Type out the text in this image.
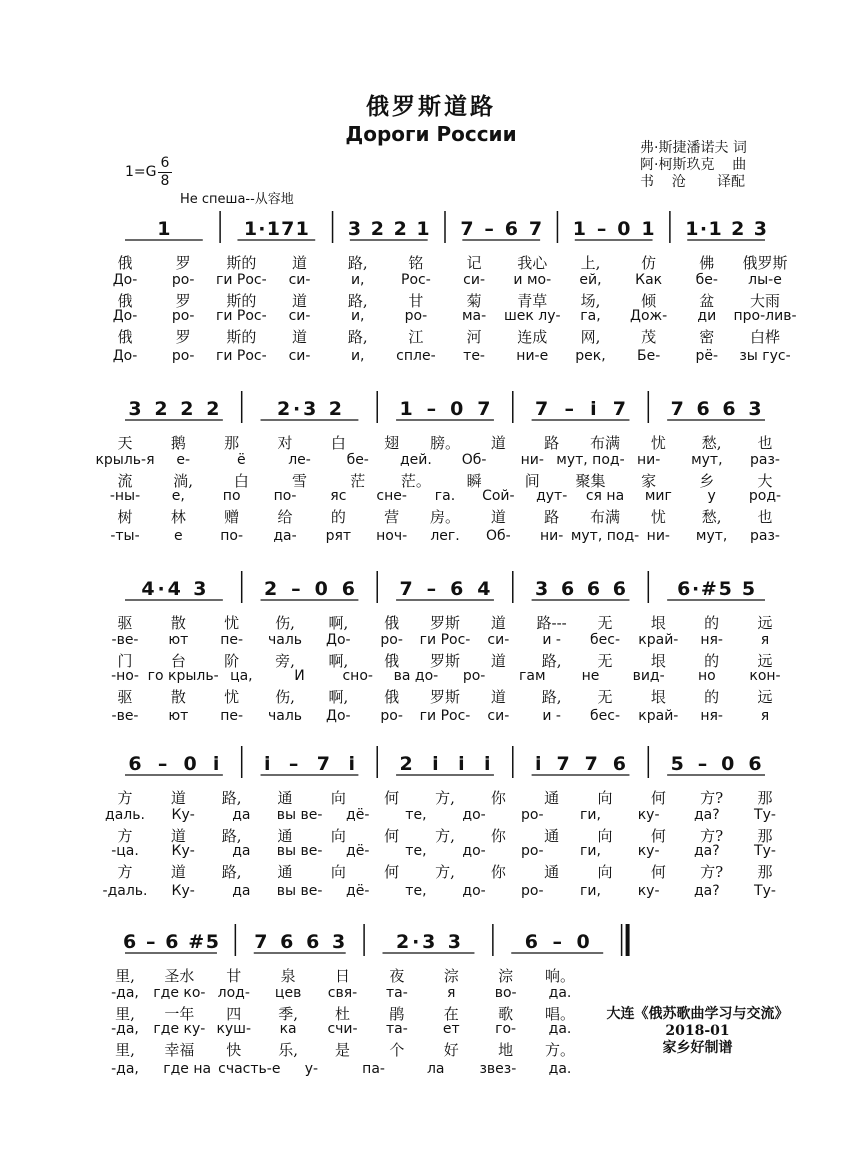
俄罗斯道路
Дороги России
弗·斯捷潘诺夫 词
阿·柯斯玖克    曲
书    沧       译配
1=G
6
8
Не спеша--从容地
1	1·171 3 2 2 1 7 – 6 7 1 – 0 1 1·1 2 3
俄	罗 斯的 道	路,	铭	记 我心 上,	仿	佛 俄罗斯
До- ро- ги Рос- си-	и,	Рос- си- и мо- ей, Как бе- лы-е
俄	罗 斯的 道	路,	甘	菊 青草 场,	倾	盆 大雨
До- ро- ги Рос- си-	и,	ро- ма- шек лу- га, Дож- ди про-лив-
俄	罗 斯的 道	路,	江	河 连成 网,	茂	密 白桦
До- ро- ги Рос- си-	и, спле- те- ни-е рек, Бе-	рё- зы гус-
3 2 2 2	2·3 2	1 – 0 7 7 – i 7 7 6 6 3
天	鹅	那	对	白	翅 膀。 道	路 布满 忧 愁, 也
крыль-я е-	ё	ле-	бе- дей. Об- ни- мут, под- ни- мут, раз-
流	淌,	白	雪	茫 茫。 瞬	间 聚集 家	乡	大
-ны- е,	по по- яс сне- га. Сой- дут- ся на миг	у род-
树	林	赠	给	的	营 房。 道	路 布满 忧 愁, 也
-ты- е	по- да- рят ноч- лег. Об- ни- мут, под- ни- мут, раз-
4·4 3	2 – 0 6 7 – 6 4 3 6 6 6	6·#5 5
驱	散	忧 伤, 啊, 俄 罗斯 道 路--- 无	垠	的	远
-ве- ют пе- чаль До- ро- ги Рос- си- и - бес- край- ня-	я
门	台	阶 旁, 啊, 俄 罗斯 道 路, 无	垠	的	远
-но- го крыль- ца,	И	сно- ва до- ро- гам	не вид- но кон-
驱	散	忧 伤, 啊, 俄 罗斯 道 路, 无	垠	的	远
-ве- ют пе- чаль До- ро- ги Рос- си- и - бес- край- ня-	я
6 – 0 i i – 7 i 2 i i i i 7 7 6 5 – 0 6
方	道 路, 通	向	何 方, 你	通	向	何 方? 那
даль. Ку-	да вы ве- дё-	те,	до-	ро-	ги,	ку- да? Ту-
方	道 路, 通	向	何 方, 你	通	向	何 方? 那
-ца. Ку-	да вы ве- дё-	те,	до-	ро-	ги,	ку- да? Ту-
方	道 路, 通	向	何 方, 你	通	向	何 方? 那
-даль. Ку-	да вы ве- дё-	те,	до-	ро-	ги,	ку- да? Ту-
6 – 6 #5 7 6 6 3	2·3 3	6 – 0
里, 圣水 甘	泉	日	夜	淙	淙 响。
-да, где ко- лод- цев свя- та-	я	во- да.
里, 一年 四 季, 杜	鹃	在	歌 唱。
-да, где ку- куш- ка счи- та-	ет	го- да.
里, 幸福 快 乐, 是	个	好	地 方。
-да, где на счасть-е у-	па-	ла звез- да.
大连《俄苏歌曲学习与交流》
2018-01
家乡好制谱
